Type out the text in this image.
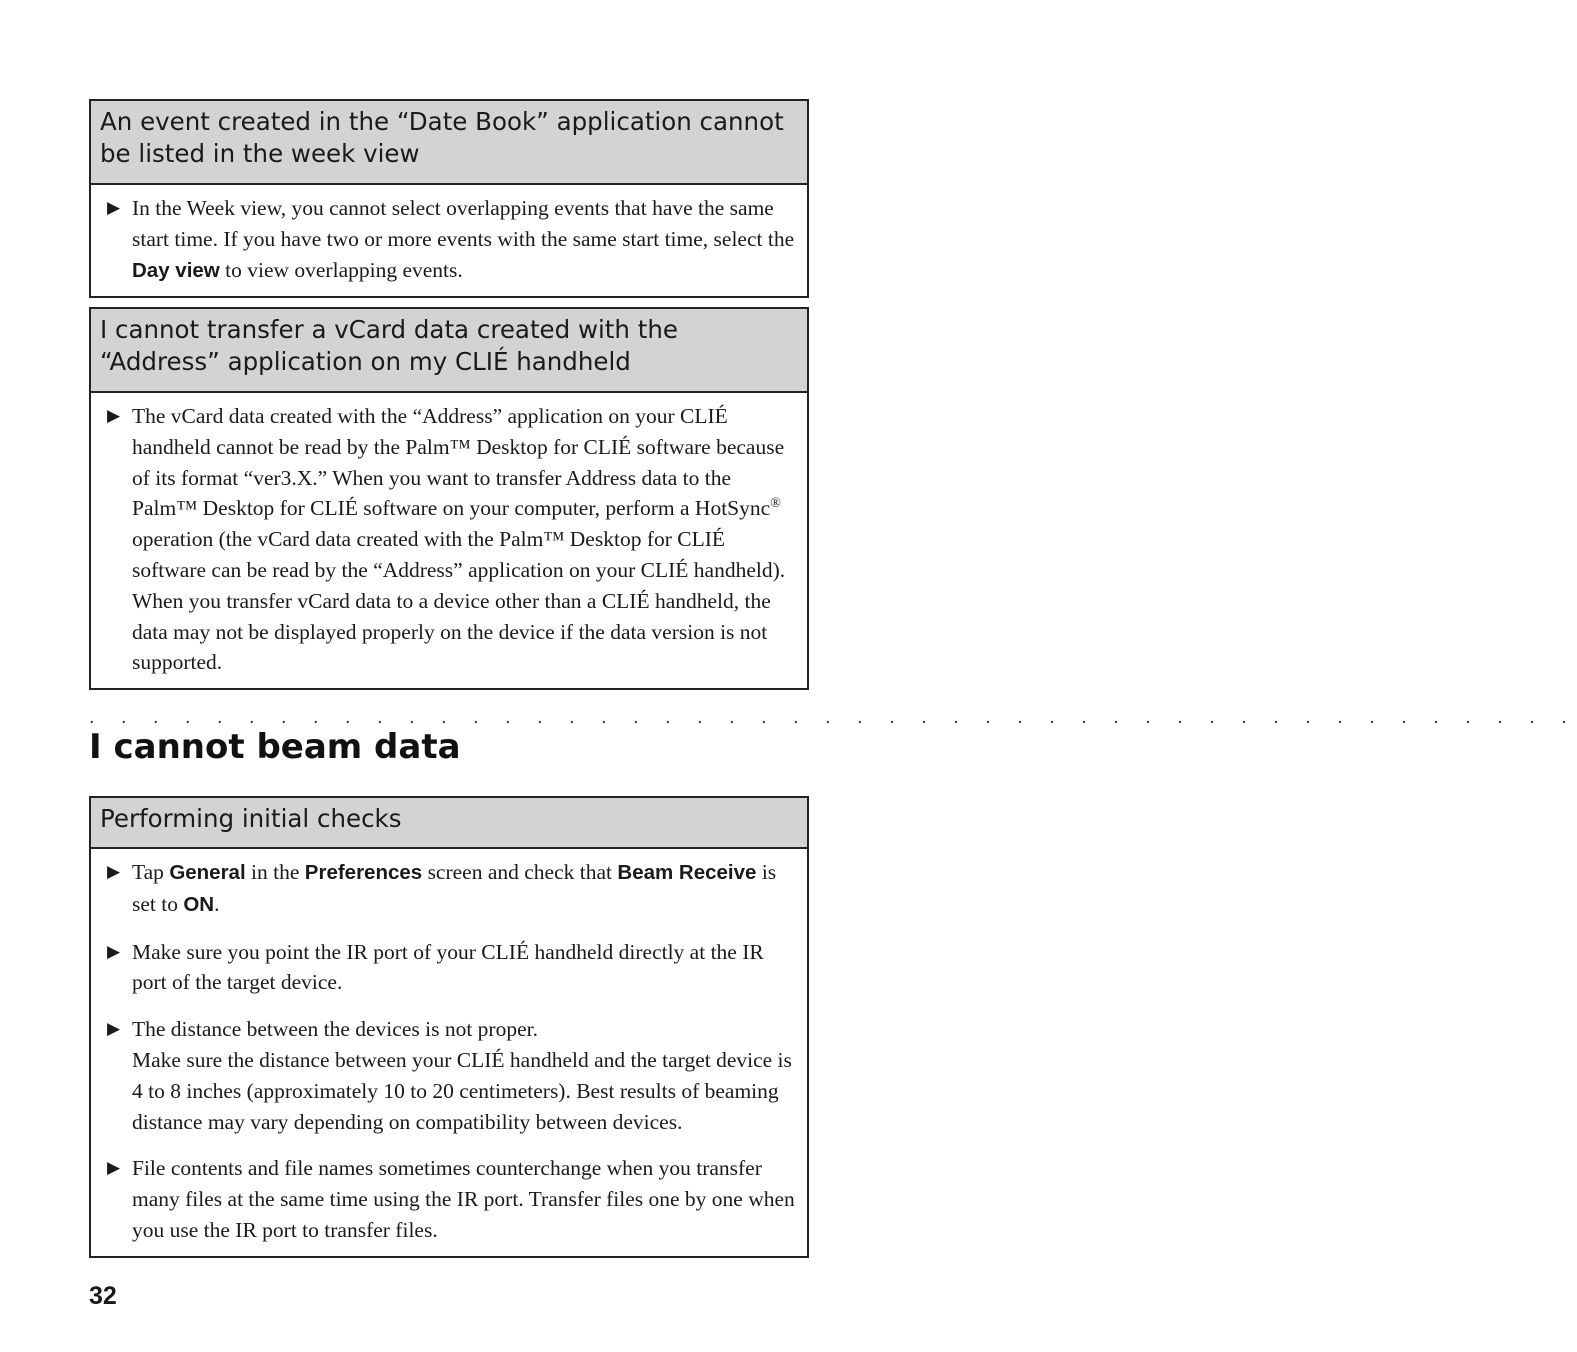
An event created in the “Date Book” application cannot be listed in the week view
▶ In the Week view, you cannot select overlapping events that have the same start time. If you have two or more events with the same start time, select the Day view to view overlapping events.
I cannot transfer a vCard data created with the “Address” application on my CLIÉ handheld
▶ The vCard data created with the “Address” application on your CLIÉ handheld cannot be read by the Palm™ Desktop for CLIÉ software because of its format “ver3.X.” When you want to transfer Address data to the Palm™ Desktop for CLIÉ software on your computer, perform a HotSync® operation (the vCard data created with the Palm™ Desktop for CLIÉ software can be read by the “Address” application on your CLIÉ handheld). When you transfer vCard data to a device other than a CLIÉ handheld, the data may not be displayed properly on the device if the data version is not supported.
. . . . . . . . . . . . . . . . . . . . . . . . . . . . . . . . . . . . . . . . . . . . . . .
I cannot beam data
Performing initial checks
▶ Tap General in the Preferences screen and check that Beam Receive is set to ON.
▶ Make sure you point the IR port of your CLIÉ handheld directly at the IR port of the target device.
▶ The distance between the devices is not proper.
Make sure the distance between your CLIÉ handheld and the target device is 4 to 8 inches (approximately 10 to 20 centimeters). Best results of beaming distance may vary depending on compatibility between devices.
▶ File contents and file names sometimes counterchange when you transfer many files at the same time using the IR port. Transfer files one by one when you use the IR port to transfer files.
32
